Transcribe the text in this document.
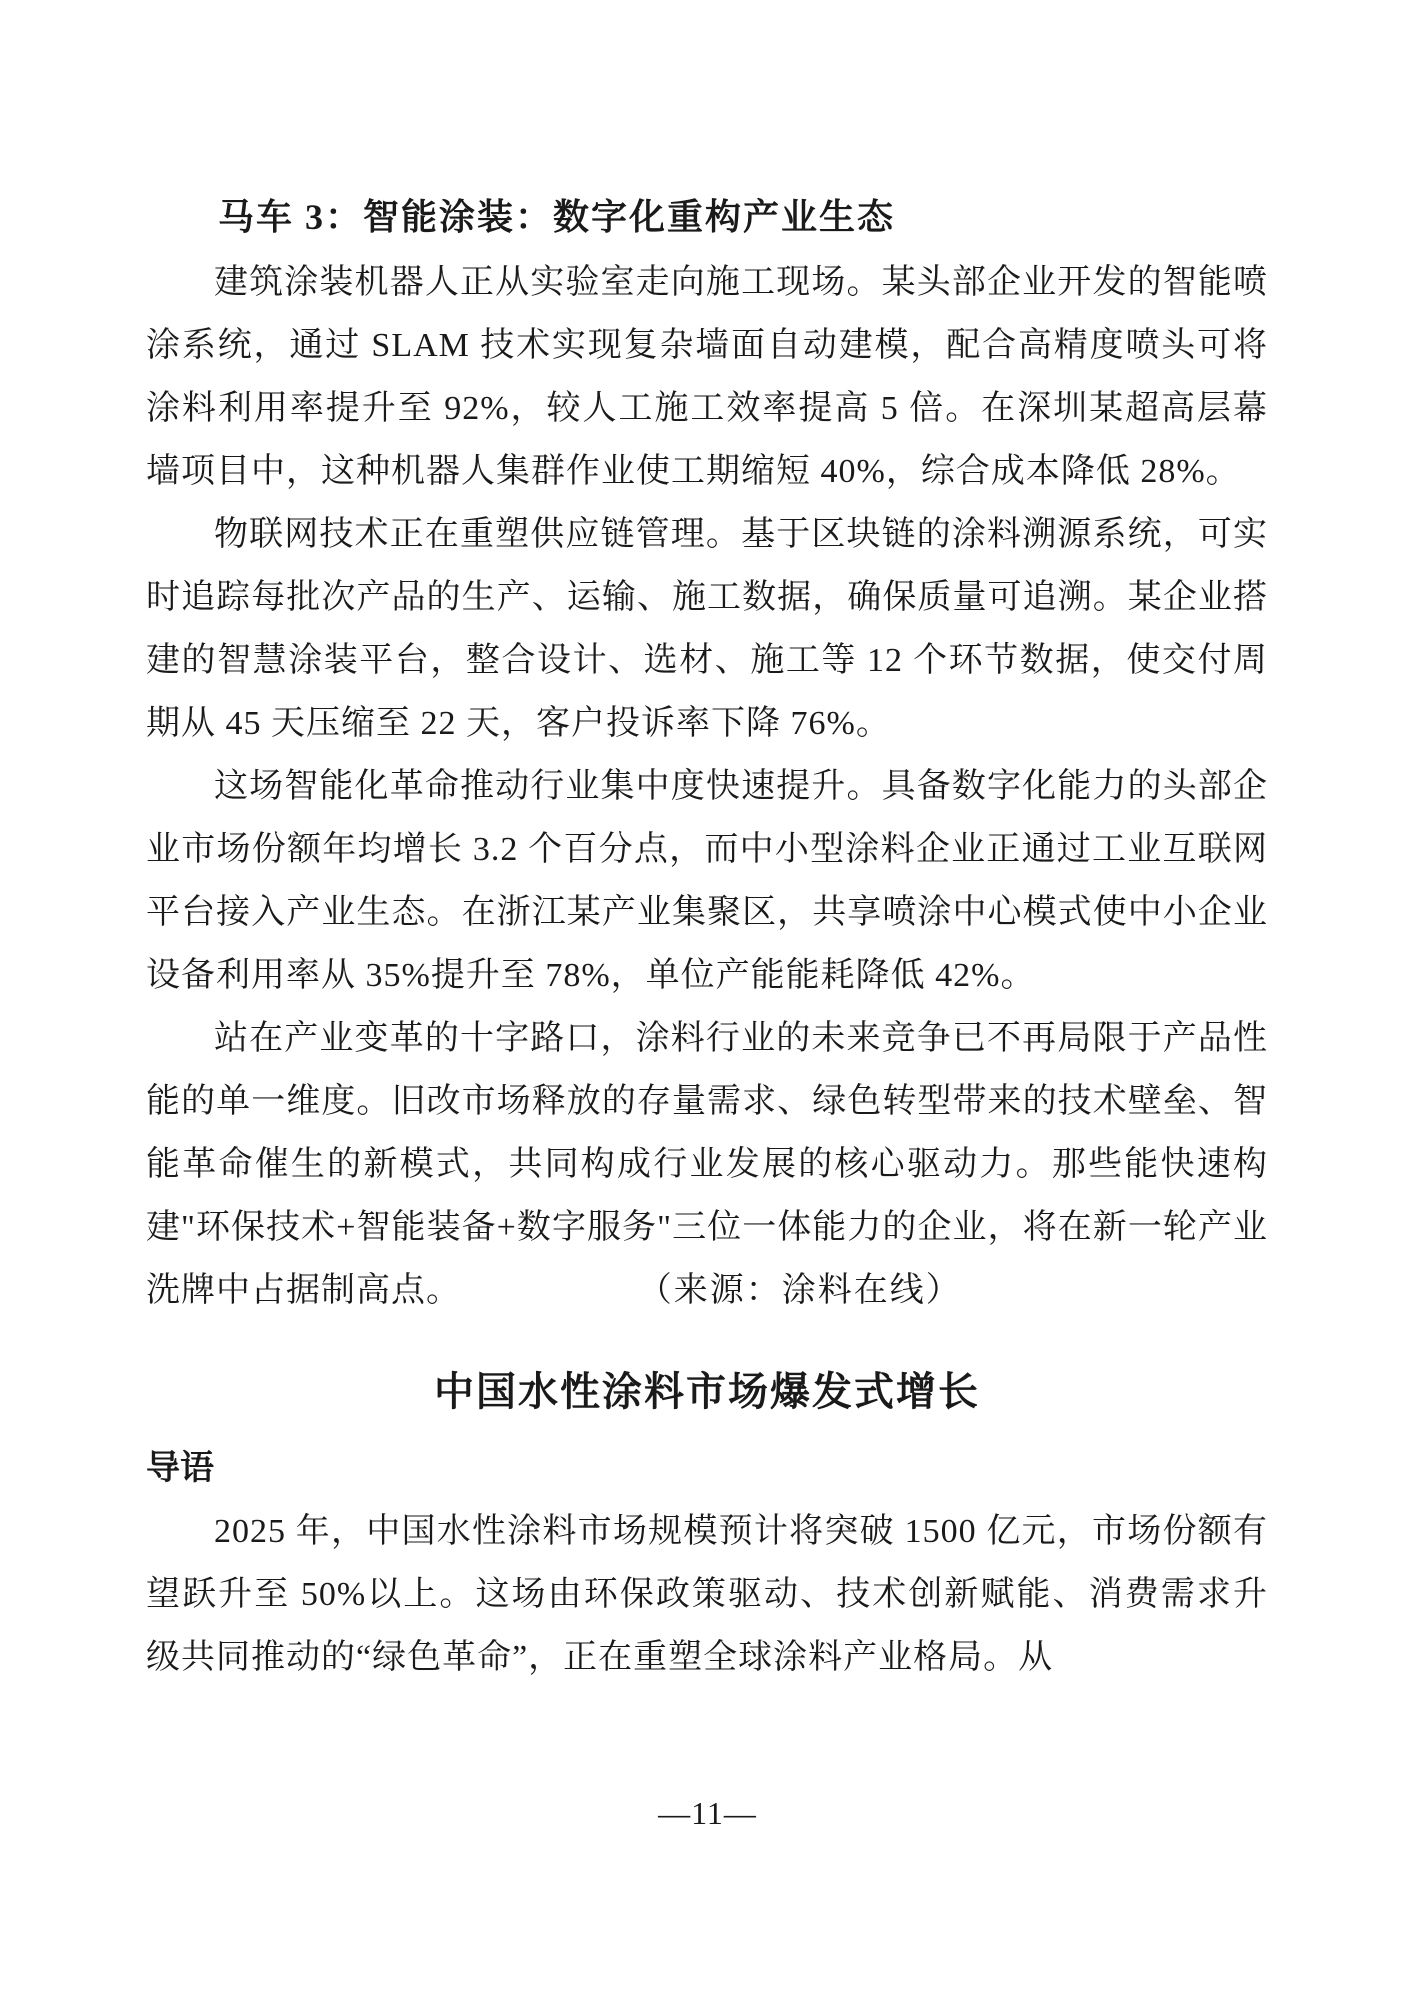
马车 3：智能涂装：数字化重构产业生态

建筑涂装机器人正从实验室走向施工现场。某头部企业开发的智能喷涂系统，通过 SLAM 技术实现复杂墙面自动建模，配合高精度喷头可将涂料利用率提升至 92%，较人工施工效率提高 5 倍。在深圳某超高层幕墙项目中，这种机器人集群作业使工期缩短 40%，综合成本降低 28%。

物联网技术正在重塑供应链管理。基于区块链的涂料溯源系统，可实时追踪每批次产品的生产、运输、施工数据，确保质量可追溯。某企业搭建的智慧涂装平台，整合设计、选材、施工等 12 个环节数据，使交付周期从 45 天压缩至 22 天，客户投诉率下降 76%。

这场智能化革命推动行业集中度快速提升。具备数字化能力的头部企业市场份额年均增长 3.2 个百分点，而中小型涂料企业正通过工业互联网平台接入产业生态。在浙江某产业集聚区，共享喷涂中心模式使中小企业设备利用率从 35%提升至 78%，单位产能能耗降低 42%。

站在产业变革的十字路口，涂料行业的未来竞争已不再局限于产品性能的单一维度。旧改市场释放的存量需求、绿色转型带来的技术壁垒、智能革命催生的新模式，共同构成行业发展的核心驱动力。那些能快速构建"环保技术+智能装备+数字服务"三位一体能力的企业，将在新一轮产业洗牌中占据制高点。	（来源：涂料在线）

中国水性涂料市场爆发式增长
导语

2025 年，中国水性涂料市场规模预计将突破 1500 亿元，市场份额有望跃升至 50%以上。这场由环保政策驱动、技术创新赋能、消费需求升级共同推动的“绿色革命”，正在重塑全球涂料产业格局。从

—11—
